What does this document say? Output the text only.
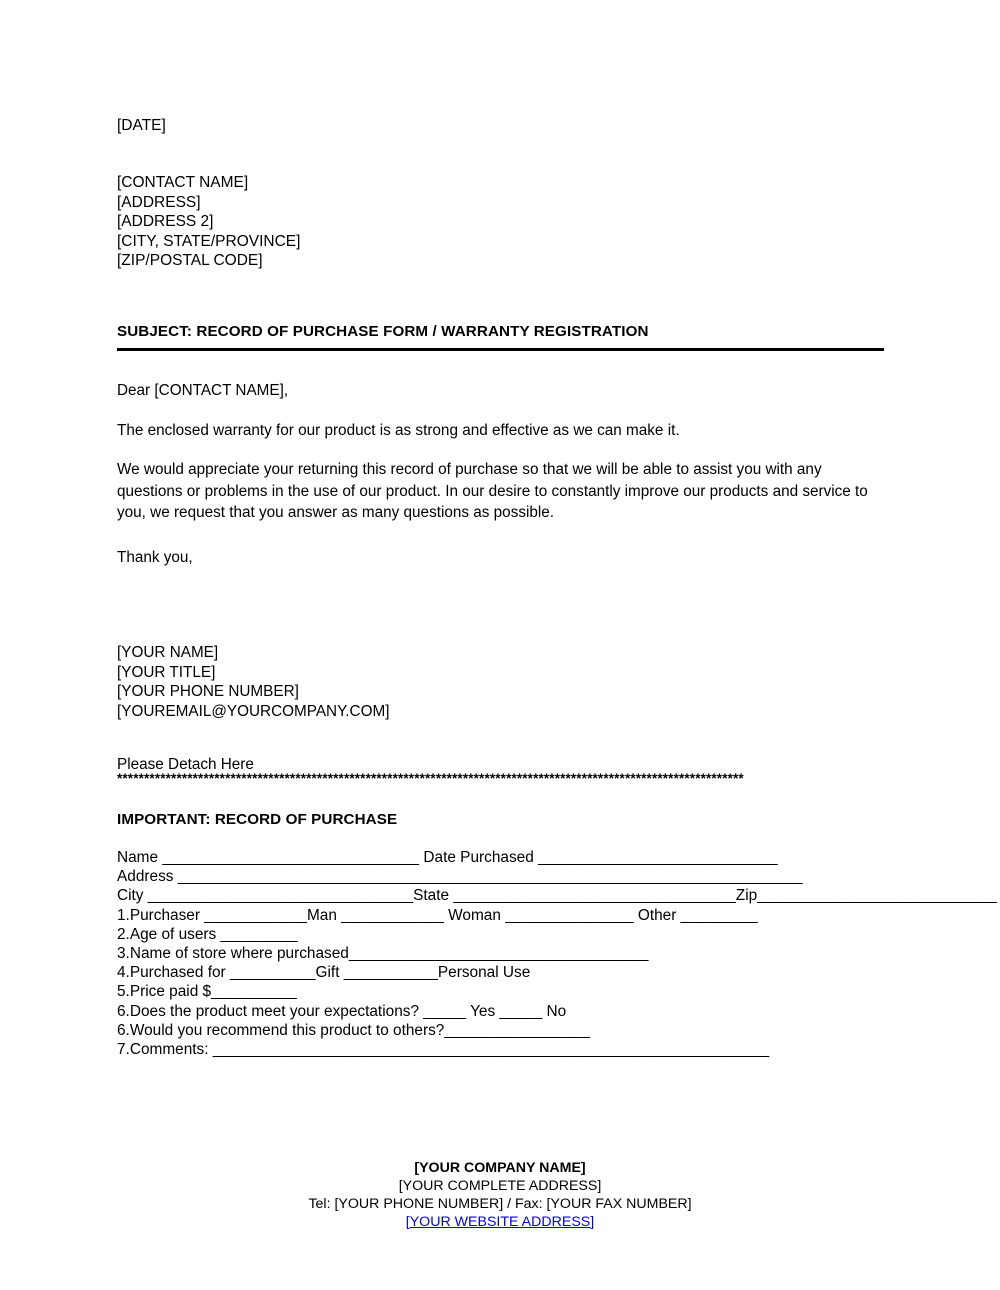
[DATE]
[CONTACT NAME]
[ADDRESS]
[ADDRESS 2]
[CITY, STATE/PROVINCE]
[ZIP/POSTAL CODE]
SUBJECT: RECORD OF PURCHASE FORM / WARRANTY REGISTRATION

Dear [CONTACT NAME],

The enclosed warranty for our product is as strong and effective as we can make it.

We would appreciate your returning this record of purchase so that we will be able to assist you with any questions or problems in the use of our product. In our desire to constantly improve our products and service to you, we request that you answer as many questions as possible.

Thank you,
[YOUR NAME]
[YOUR TITLE]
[YOUR PHONE NUMBER]
[YOUREMAIL@YOURCOMPANY.COM]
Please Detach Here
********************************************************************************************************************
IMPORTANT: RECORD OF PURCHASE
Name ______________________________ Date Purchased ____________________________
Address _________________________________________________________________________
City _______________________________State _________________________________Zip____________________________
1.Purchaser ____________Man ____________ Woman _______________ Other _________
2.Age of users _________
3.Name of store where purchased___________________________________
4.Purchased for __________Gift ___________Personal Use
5.Price paid $__________
6.Does the product meet your expectations? _____ Yes _____ No
6.Would you recommend this product to others?_________________
7.Comments: _________________________________________________________________
[YOUR COMPANY NAME]
[YOUR COMPLETE ADDRESS]
Tel: [YOUR PHONE NUMBER] / Fax: [YOUR FAX NUMBER]
[YOUR WEBSITE ADDRESS]
